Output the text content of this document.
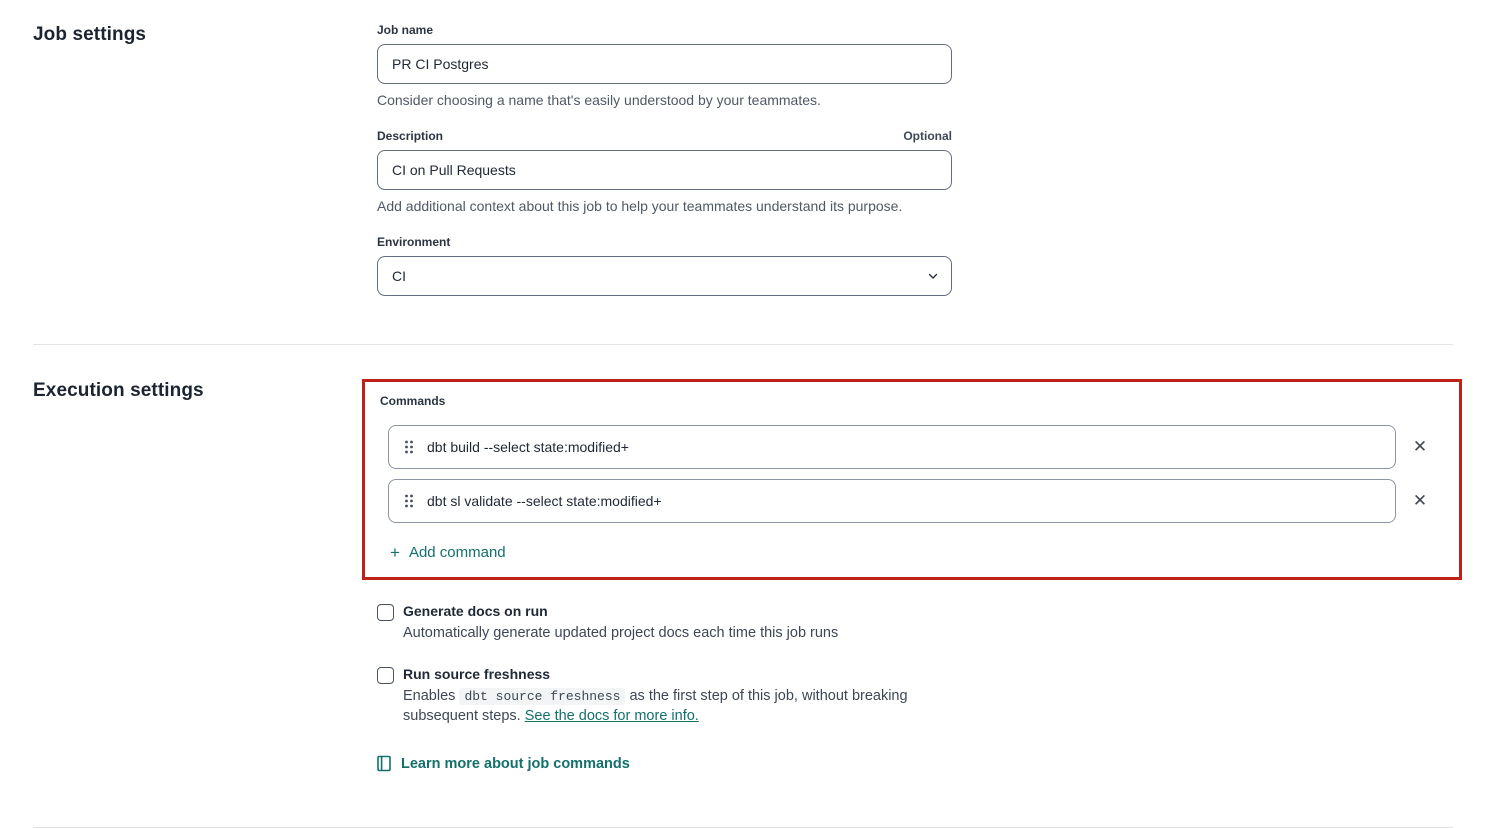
Job settings	Job name
PR CI Postgres
Consider choosing a name that's easily understood by your teammates.
Description	Optional
CI on Pull Requests
Add additional context about this job to help your teammates understand its purpose.
Environment
CI
Execution settings	Commands
dbt build --select state:modified+
✕
dbt sl validate --select state:modified+
✕
+ Add command
Generate docs on run
Automatically generate updated project docs each time this job runs
Run source freshness
Enables dbt source freshness as the first step of this job, without breaking subsequent steps. See the docs for more info.
Learn more about job commands
